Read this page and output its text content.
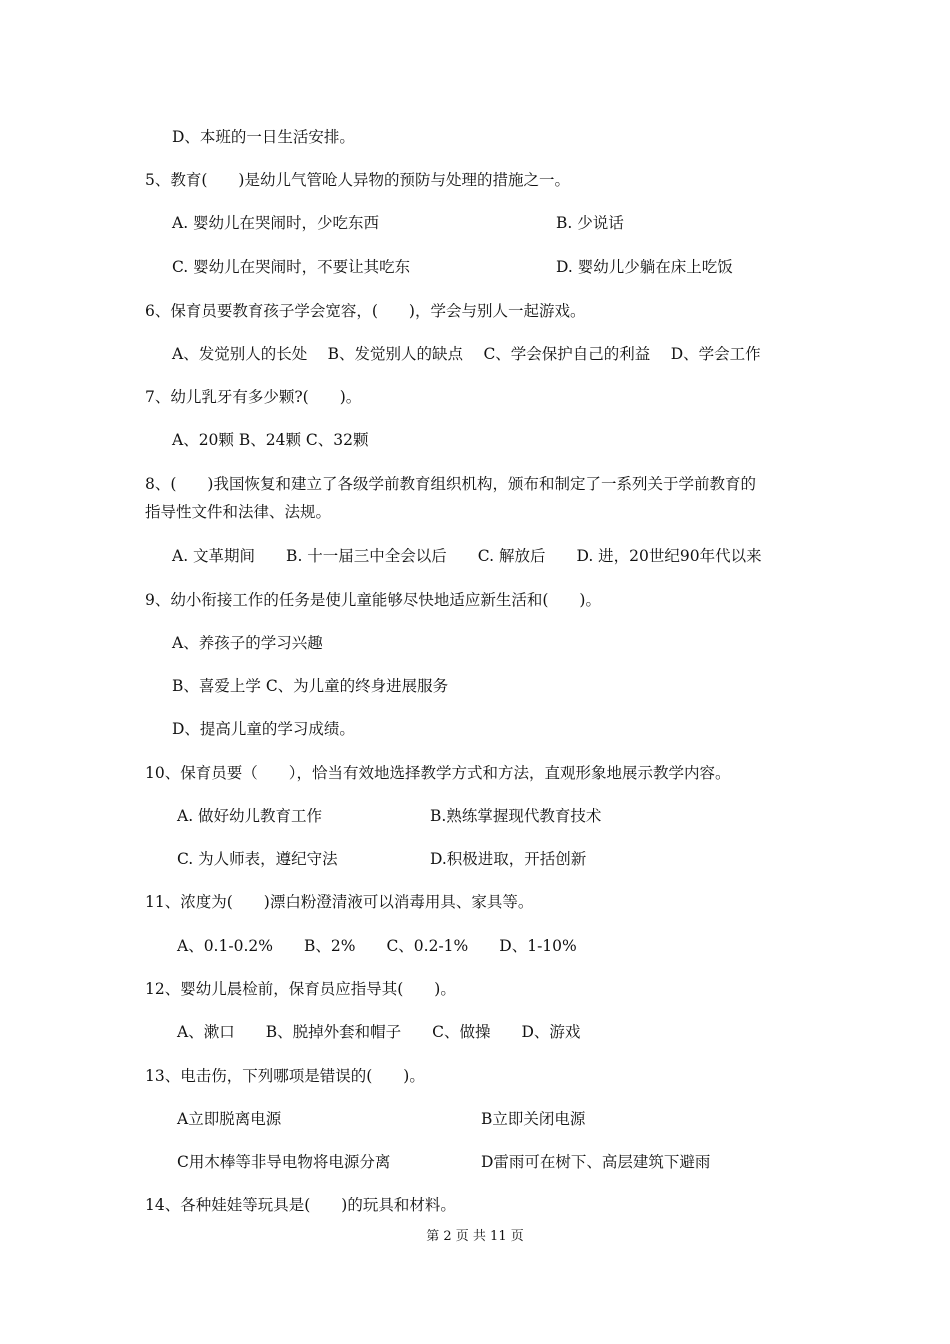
D、本班的一日生活安排。
5、教育(　　)是幼儿气管呛人异物的预防与处理的措施之一。
A. 婴幼儿在哭闹时，少吃东西	B. 少说话
C. 婴幼儿在哭闹时，不要让其吃东	D. 婴幼儿少躺在床上吃饭
6、保育员要教育孩子学会宽容，(　　)，学会与别人一起游戏。
A、发觉别人的长处　 B、发觉别人的缺点　 C、学会保护自己的利益　 D、学会工作
7、幼儿乳牙有多少颗?(　　)。
A、20颗 B、24颗 C、32颗
8、(　　)我国恢复和建立了各级学前教育组织机构，颁布和制定了一系列关于学前教育的
指导性文件和法律、法规。
A. 文革期间　　B. 十一届三中全会以后　　C. 解放后　　D. 进，20世纪90年代以来
9、幼小衔接工作的任务是使儿童能够尽快地适应新生活和(　　)。
A、养孩子的学习兴趣
B、喜爱上学 C、为儿童的终身进展服务
D、提高儿童的学习成绩。
10、保育员要（　　），恰当有效地选择教学方式和方法，直观形象地展示教学内容。
A. 做好幼儿教育工作	B.熟练掌握现代教育技术
C. 为人师表，遵纪守法	D.积极进取，开括创新
11、浓度为(　　)漂白粉澄清液可以消毒用具、家具等。
A、0.1-0.2%　　B、2%　　C、0.2-1%　　D、1-10%
12、婴幼儿晨检前，保育员应指导其(　　)。
A、漱口　　B、脱掉外套和帽子　　C、做操　　D、游戏
13、电击伤，下列哪项是错误的(　　)。
A立即脱离电源	B立即关闭电源
C用木棒等非导电物将电源分离	D雷雨可在树下、高层建筑下避雨
14、各种娃娃等玩具是(　　)的玩具和材料。
第 2 页 共 11 页
